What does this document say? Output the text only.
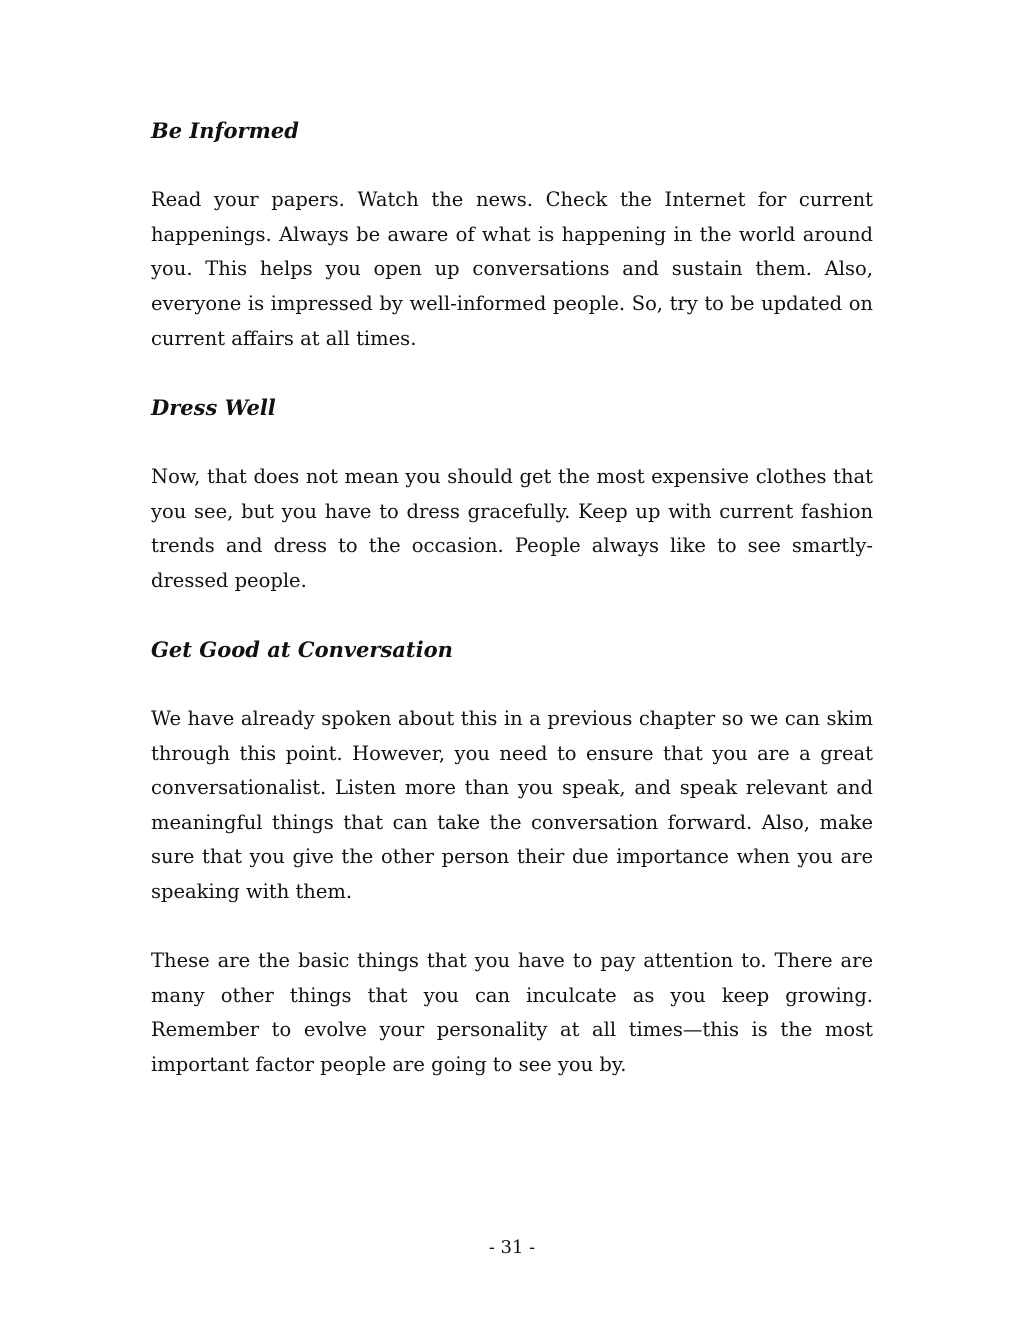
Be Informed

Read your papers. Watch the news. Check the Internet for current happenings. Always be aware of what is happening in the world around you. This helps you open up conversations and sustain them. Also, everyone is impressed by well-informed people. So, try to be updated on current affairs at all times.

Dress Well

Now, that does not mean you should get the most expensive clothes that you see, but you have to dress gracefully. Keep up with current fashion trends and dress to the occasion. People always like to see smartly-dressed people.

Get Good at Conversation

We have already spoken about this in a previous chapter so we can skim through this point. However, you need to ensure that you are a great conversationalist. Listen more than you speak, and speak relevant and meaningful things that can take the conversation forward. Also, make sure that you give the other person their due importance when you are speaking with them.

These are the basic things that you have to pay attention to. There are many other things that you can inculcate as you keep growing. Remember to evolve your personality at all times—this is the most important factor people are going to see you by.

- 31 -
